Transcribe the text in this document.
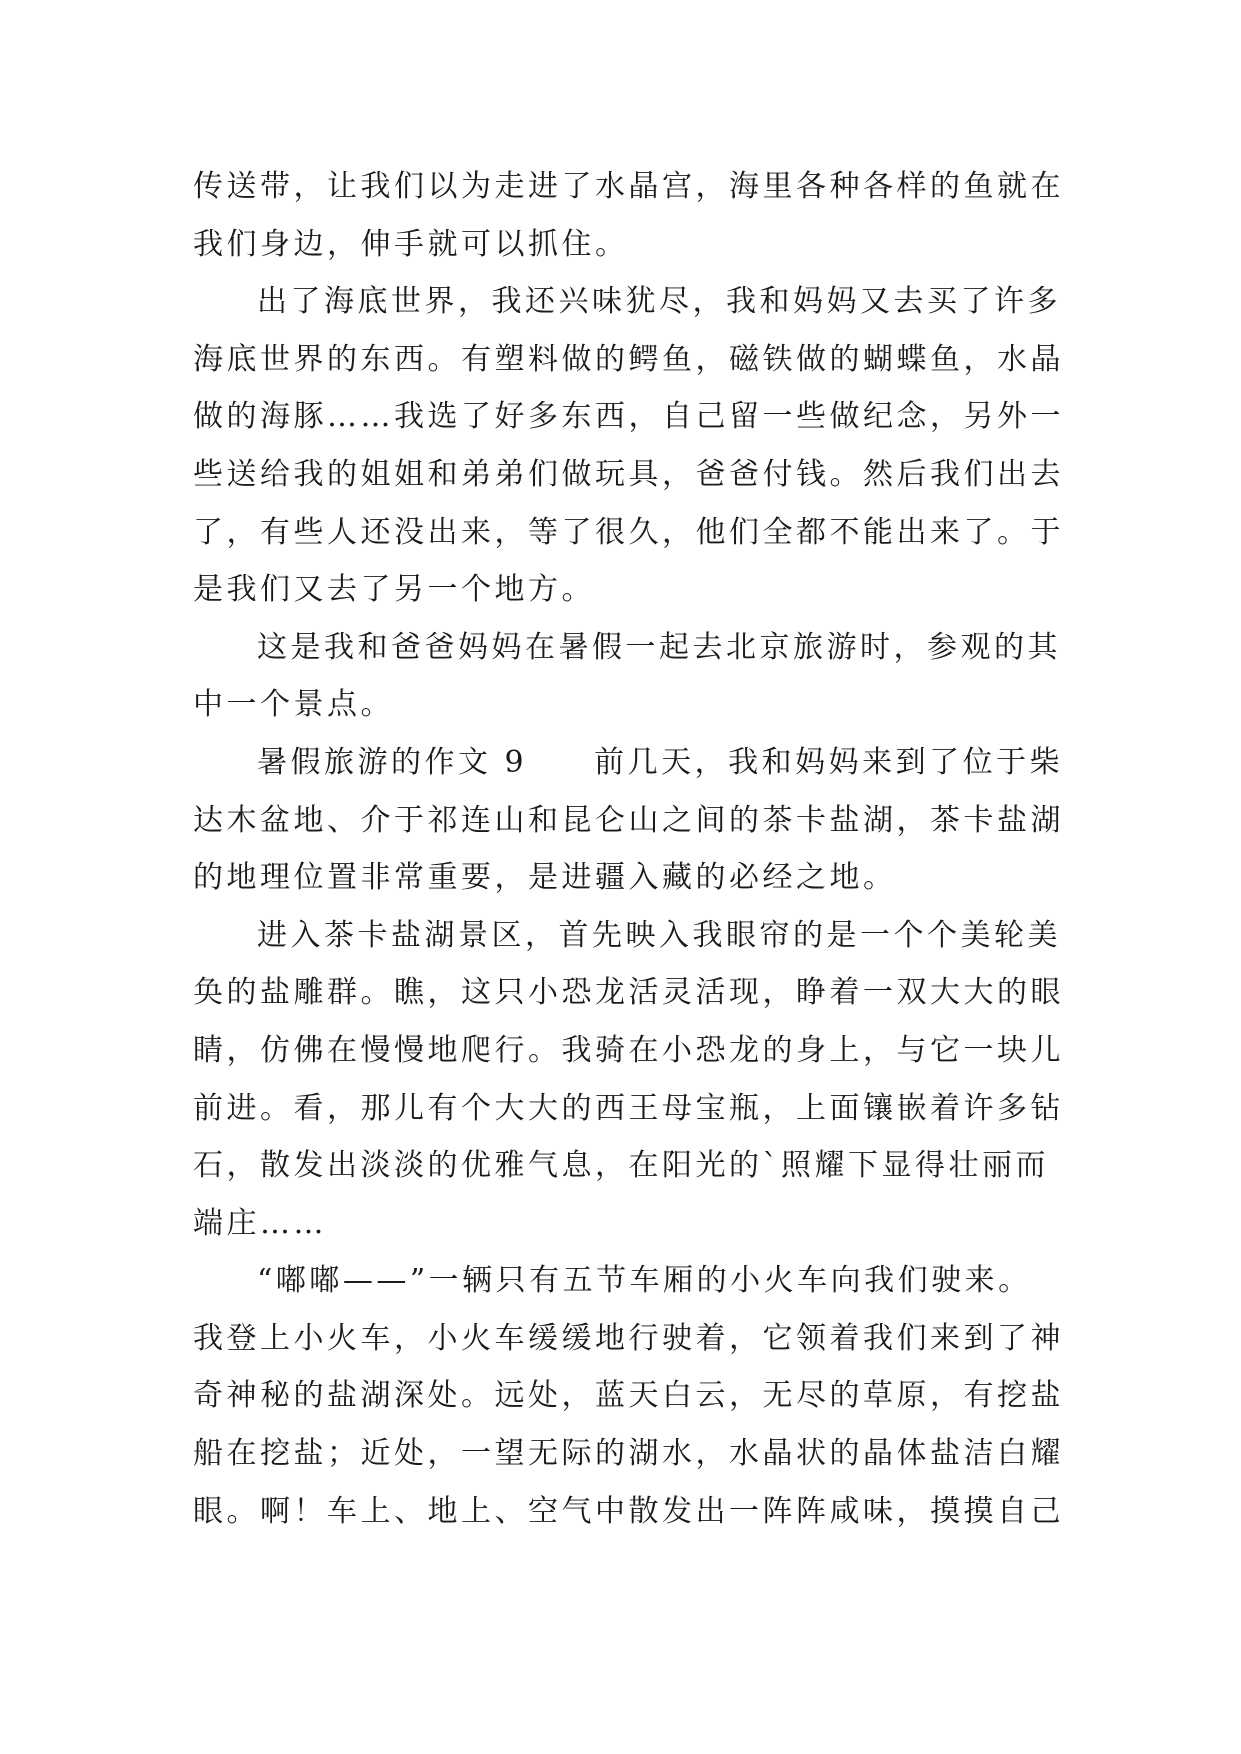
传送带，让我们以为走进了水晶宫，海里各种各样的鱼就在
我们身边，伸手就可以抓住。
出了海底世界，我还兴味犹尽，我和妈妈又去买了许多
海底世界的东西。有塑料做的鳄鱼，磁铁做的蝴蝶鱼，水晶
做的海豚……我选了好多东西，自己留一些做纪念，另外一
些送给我的姐姐和弟弟们做玩具，爸爸付钱。然后我们出去
了，有些人还没出来，等了很久，他们全都不能出来了。于
是我们又去了另一个地方。
这是我和爸爸妈妈在暑假一起去北京旅游时，参观的其
中一个景点。
暑假旅游的作文 9　　前几天，我和妈妈来到了位于柴
达木盆地、介于祁连山和昆仑山之间的茶卡盐湖，茶卡盐湖
的地理位置非常重要，是进疆入藏的必经之地。
进入茶卡盐湖景区，首先映入我眼帘的是一个个美轮美
奂的盐雕群。瞧，这只小恐龙活灵活现，睁着一双大大的眼
睛，仿佛在慢慢地爬行。我骑在小恐龙的身上，与它一块儿
前进。看，那儿有个大大的西王母宝瓶，上面镶嵌着许多钻
石，散发出淡淡的优雅气息，在阳光的`照耀下显得壮丽而
端庄……
“嘟嘟——”一辆只有五节车厢的小火车向我们驶来。
我登上小火车，小火车缓缓地行驶着，它领着我们来到了神
奇神秘的盐湖深处。远处，蓝天白云，无尽的草原，有挖盐
船在挖盐；近处，一望无际的湖水，水晶状的晶体盐洁白耀
眼。啊！车上、地上、空气中散发出一阵阵咸味，摸摸自己
